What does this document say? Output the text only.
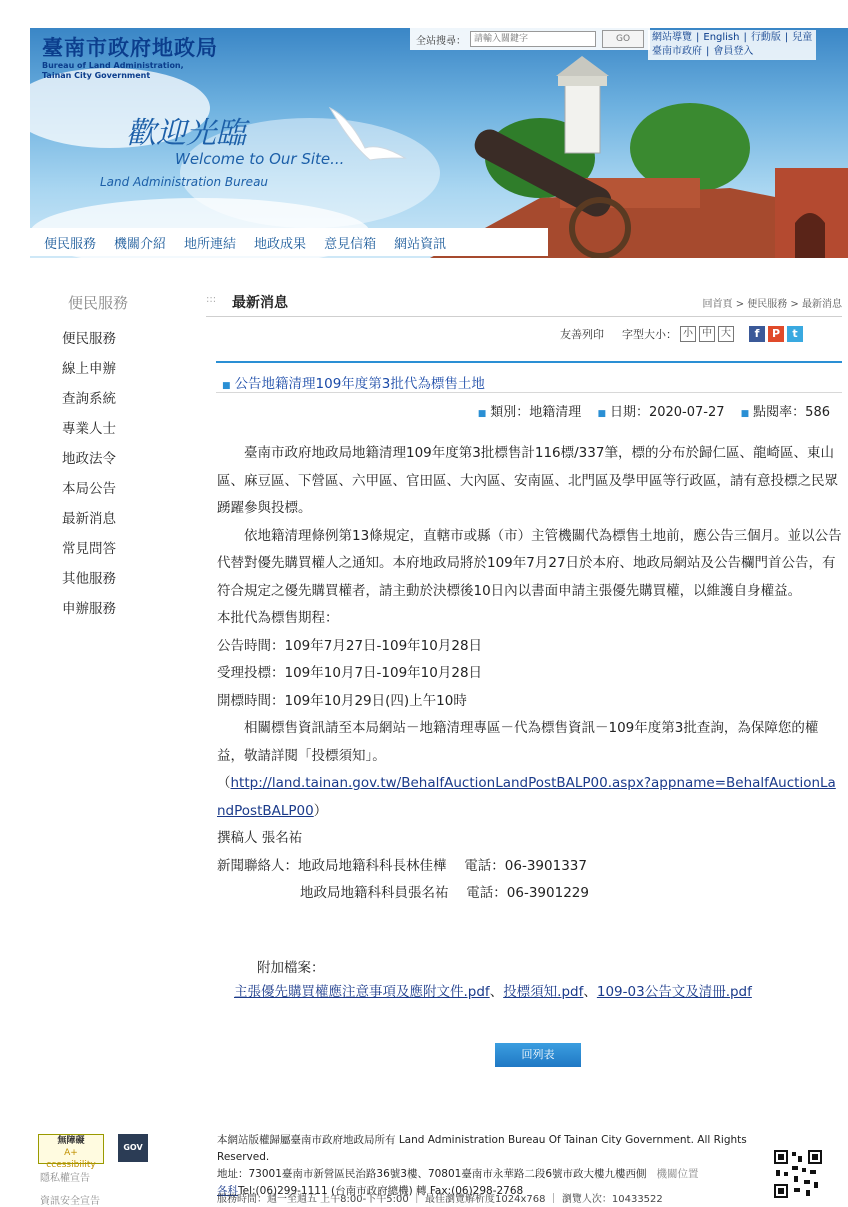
臺南市政府地政局
Bureau of Land Administration,
Tainan City Government
歡迎光臨
Welcome to Our Site...
Land Administration Bureau
全站搜尋：
請輸入關鍵字	GO	網站導覽 | English | 行動版 | 兒童
臺南市政府 | 會員登入
便民服務 機關介紹 地所連結 地政成果 意見信箱 網站資訊
便民服務
便民服務
線上申辦
查詢系統
專業人士
地政法令
本局公告
最新消息
常見問答
其他服務
申辦服務
::: 最新消息	回首頁 > 便民服務 > 最新消息
友善列印 字型大小： 小 中 大	f	P	t
■ 公告地籍清理109年度第3批代為標售土地
■ 類別：地籍清理 ■ 日期：2020-07-27 ■ 點閱率：586

臺南市政府地政局地籍清理109年度第3批標售計116標/337筆，標的分布於歸仁區、龍崎區、東山區、麻豆區、下營區、六甲區、官田區、大內區、安南區、北門區及學甲區等行政區，請有意投標之民眾踴躍參與投標。

依地籍清理條例第13條規定，直轄市或縣（市）主管機關代為標售土地前，應公告三個月。並以公告代替對優先購買權人之通知。本府地政局將於109年7月27日於本府、地政局網站及公告欄門首公告，有符合規定之優先購買權者，請主動於決標後10日內以書面申請主張優先購買權，以維護自身權益。

本批代為標售期程：

公告時間：109年7月27日-109年10月28日

受理投標：109年10月7日-109年10月28日

開標時間：109年10月29日(四)上午10時

相關標售資訊請至本局網站－地籍清理專區－代為標售資訊－109年度第3批查詢，為保障您的權益，敬請詳閱「投標須知」。

（http://land.tainan.gov.tw/BehalfAuctionLandPostBALP00.aspx?appname=BehalfAuctionLandPostBALP00）

撰稿人 張名祐

新聞聯絡人：地政局地籍科科長林佳樺　 電話：06-3901337

地政局地籍科科員張名祐　 電話：06-3901229

附加檔案：
主張優先購買權應注意事項及應附文件.pdf、投標須知.pdf、109-03公告文及清冊.pdf
回列表
無障礙
A+ ccessibility
GOV
隱私權宣告
資訊安全宣告
本網站版權歸屬臺南市政府地政局所有 Land Administration Bureau Of Tainan City Government. All Rights Reserved.
地址：73001臺南市新營區民治路36號3樓、70801臺南市永華路二段6號市政大樓九樓西側 機關位置
各科Tel:(06)299-1111 (台南市政府總機) 轉 Fax:(06)298-2768
服務時間：週一至週五 上午8:00-下午5:00 ｜ 最佳瀏覽解析度1024x768 ｜ 瀏覽人次：10433522
